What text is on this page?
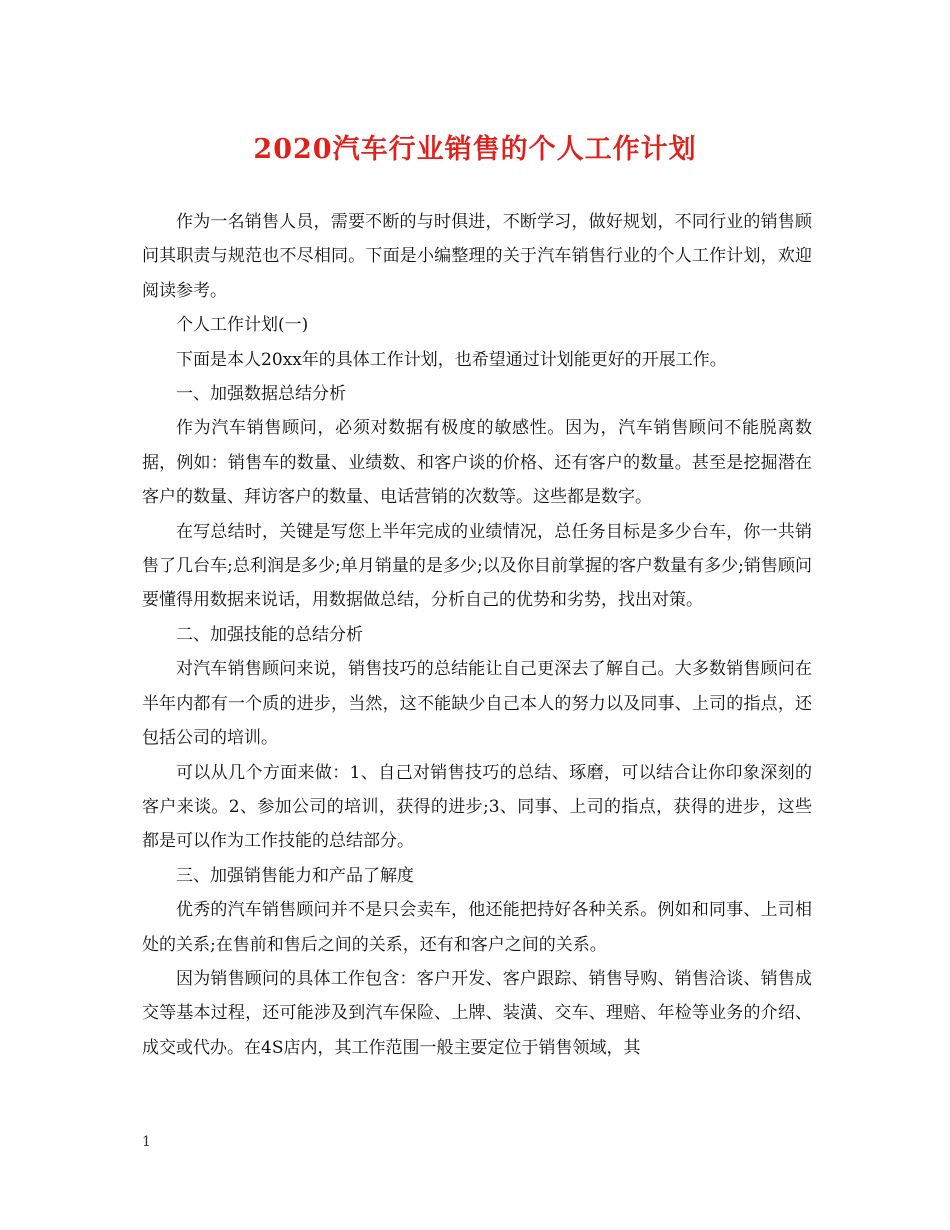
2020汽车行业销售的个人工作计划

作为一名销售人员，需要不断的与时俱进，不断学习，做好规划，不同行业的销售顾问其职责与规范也不尽相同。下面是小编整理的关于汽车销售行业的个人工作计划，欢迎阅读参考。

个人工作计划(一)

下面是本人20xx年的具体工作计划，也希望通过计划能更好的开展工作。

一、加强数据总结分析

作为汽车销售顾问，必须对数据有极度的敏感性。因为，汽车销售顾问不能脱离数据，例如：销售车的数量、业绩数、和客户谈的价格、还有客户的数量。甚至是挖掘潜在客户的数量、拜访客户的数量、电话营销的次数等。这些都是数字。

在写总结时，关键是写您上半年完成的业绩情况，总任务目标是多少台车，你一共销售了几台车;总利润是多少;单月销量的是多少;以及你目前掌握的客户数量有多少;销售顾问要懂得用数据来说话，用数据做总结，分析自己的优势和劣势，找出对策。

二、加强技能的总结分析

对汽车销售顾问来说，销售技巧的总结能让自己更深去了解自己。大多数销售顾问在半年内都有一个质的进步，当然，这不能缺少自己本人的努力以及同事、上司的指点，还包括公司的培训。

可以从几个方面来做：1、自己对销售技巧的总结、琢磨，可以结合让你印象深刻的客户来谈。2、参加公司的培训，获得的进步;3、同事、上司的指点，获得的进步，这些都是可以作为工作技能的总结部分。

三、加强销售能力和产品了解度

优秀的汽车销售顾问并不是只会卖车，他还能把持好各种关系。例如和同事、上司相处的关系;在售前和售后之间的关系，还有和客户之间的关系。

因为销售顾问的具体工作包含：客户开发、客户跟踪、销售导购、销售洽谈、销售成交等基本过程，还可能涉及到汽车保险、上牌、装潢、交车、理赔、年检等业务的介绍、成交或代办。在4S店内，其工作范围一般主要定位于销售领域，其

1
